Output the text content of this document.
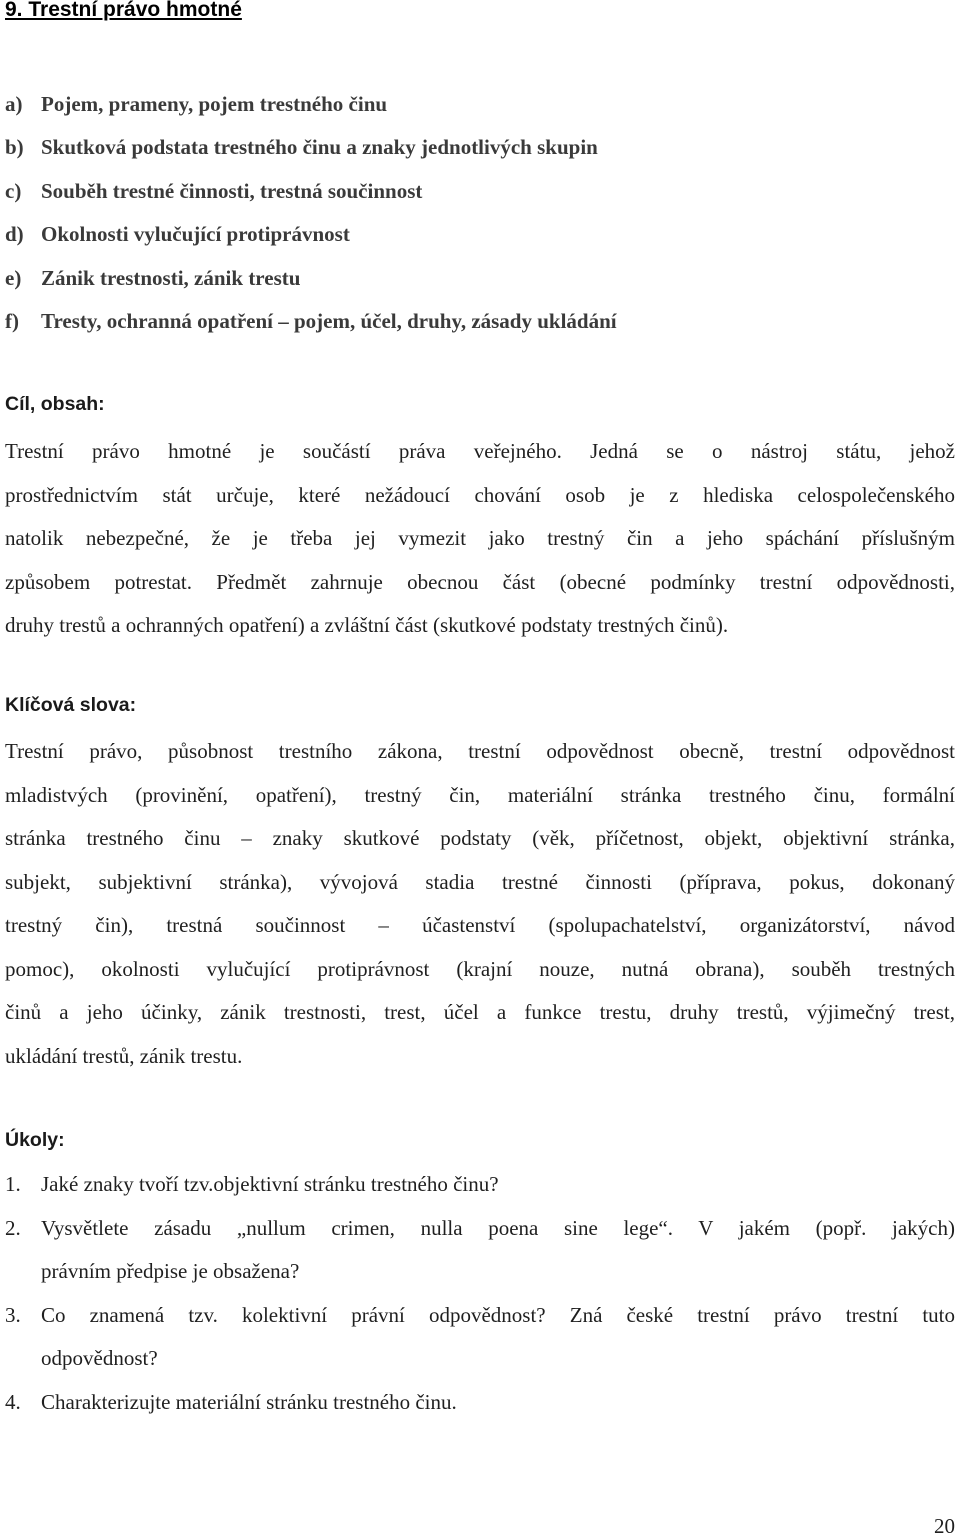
9. Trestní právo hmotné
a) Pojem, prameny, pojem trestného činu
b) Skutková podstata trestného činu a znaky jednotlivých skupin
c) Souběh trestné činnosti, trestná součinnost
d) Okolnosti vylučující protiprávnost
e) Zánik trestnosti, zánik trestu
f) Tresty, ochranná opatření – pojem, účel, druhy, zásady ukládání
Cíl, obsah:
Trestní právo hmotné je součástí práva veřejného. Jedná se o nástroj státu, jehož
prostřednictvím stát určuje, které nežádoucí chování osob je z hlediska celospolečenského
natolik nebezpečné, že je třeba jej vymezit jako trestný čin a jeho spáchání příslušným
způsobem potrestat. Předmět zahrnuje obecnou část (obecné podmínky trestní odpovědnosti,
druhy trestů a ochranných opatření) a zvláštní část (skutkové podstaty trestných činů).
Klíčová slova:
Trestní právo, působnost trestního zákona, trestní odpovědnost obecně, trestní odpovědnost
mladistvých (provinění, opatření), trestný čin, materiální stránka trestného činu, formální
stránka trestného činu – znaky skutkové podstaty (věk, příčetnost, objekt, objektivní stránka,
subjekt, subjektivní stránka), vývojová stadia trestné činnosti (příprava, pokus, dokonaný
trestný čin), trestná součinnost – účastenství (spolupachatelství, organizátorství, návod
pomoc), okolnosti vylučující protiprávnost (krajní nouze, nutná obrana), souběh trestných
činů a jeho účinky, zánik trestnosti, trest, účel a funkce trestu, druhy trestů, výjimečný trest,
ukládání trestů, zánik trestu.
Úkoly:
1. Jaké znaky tvoří tzv.objektivní stránku trestného činu?
2. Vysvětlete zásadu „nullum crimen, nulla poena sine lege“. V jakém (popř. jakých)
právním předpise je obsažena?
3. Co znamená tzv. kolektivní právní odpovědnost? Zná české trestní právo trestní tuto
odpovědnost?
4. Charakterizujte materiální stránku trestného činu.
20
